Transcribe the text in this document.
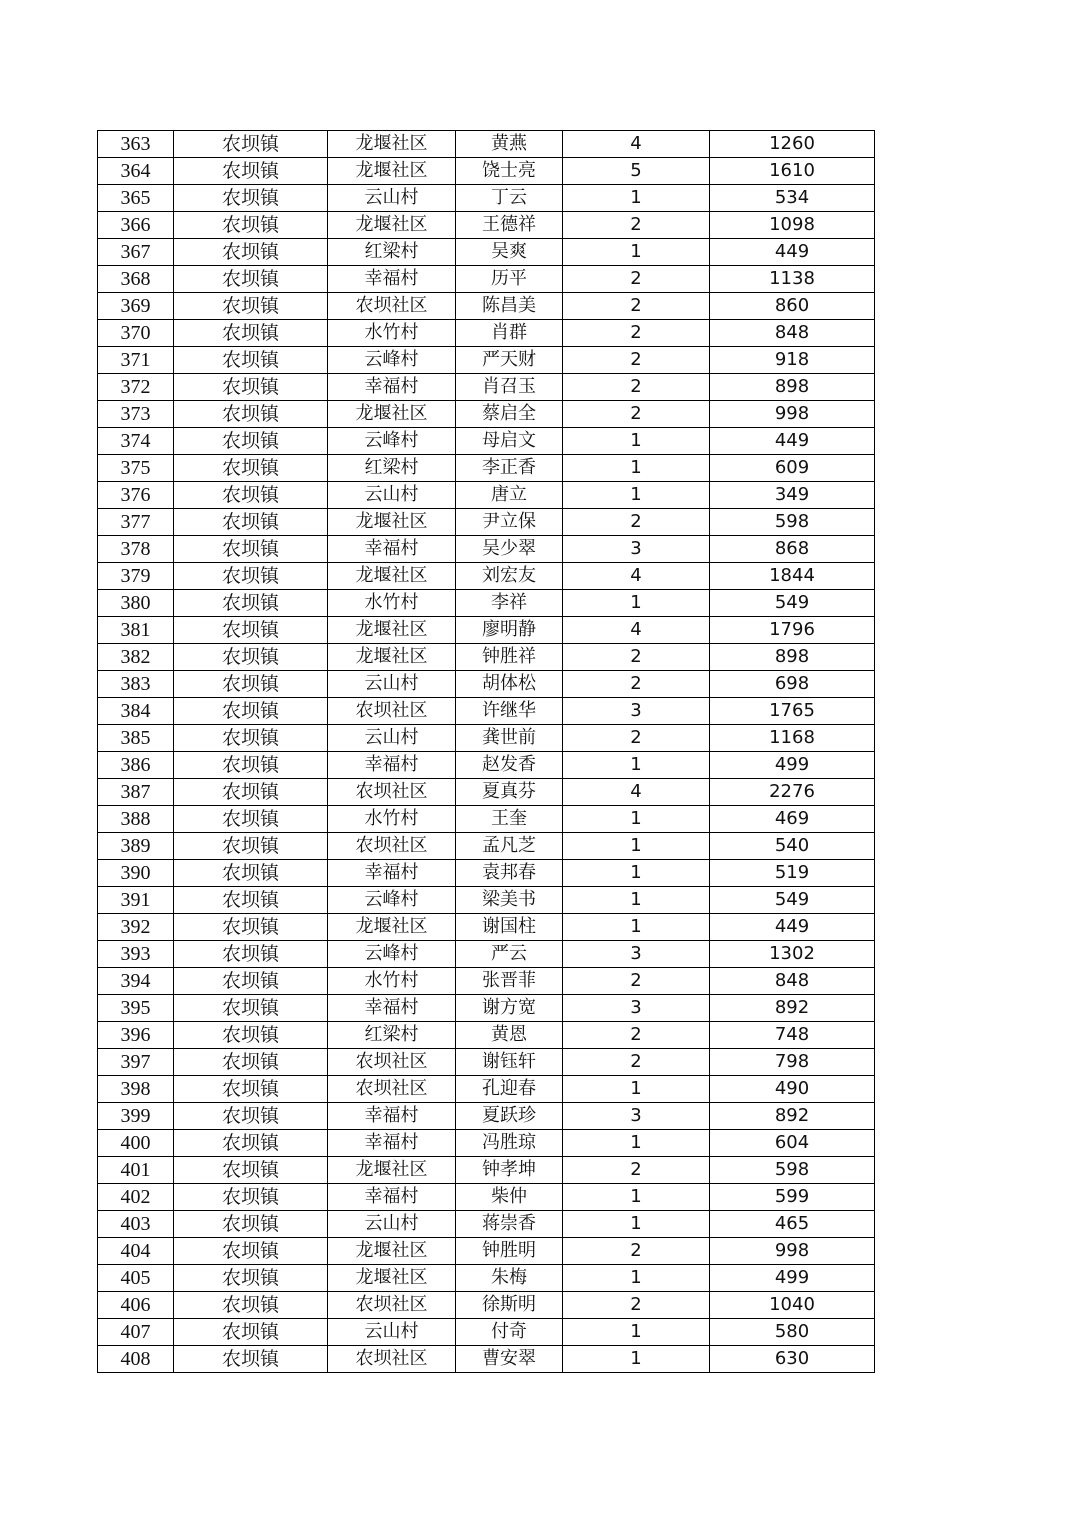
363	农坝镇	龙堰社区	黄燕	4	1260
364	农坝镇	龙堰社区	饶士亮	5	1610
365	农坝镇	云山村	丁云	1	534
366	农坝镇	龙堰社区	王德祥	2	1098
367	农坝镇	红梁村	吴爽	1	449
368	农坝镇	幸福村	历平	2	1138
369	农坝镇	农坝社区	陈昌美	2	860
370	农坝镇	水竹村	肖群	2	848
371	农坝镇	云峰村	严天财	2	918
372	农坝镇	幸福村	肖召玉	2	898
373	农坝镇	龙堰社区	蔡启全	2	998
374	农坝镇	云峰村	母启文	1	449
375	农坝镇	红梁村	李正香	1	609
376	农坝镇	云山村	唐立	1	349
377	农坝镇	龙堰社区	尹立保	2	598
378	农坝镇	幸福村	吴少翠	3	868
379	农坝镇	龙堰社区	刘宏友	4	1844
380	农坝镇	水竹村	李祥	1	549
381	农坝镇	龙堰社区	廖明静	4	1796
382	农坝镇	龙堰社区	钟胜祥	2	898
383	农坝镇	云山村	胡体松	2	698
384	农坝镇	农坝社区	许继华	3	1765
385	农坝镇	云山村	龚世前	2	1168
386	农坝镇	幸福村	赵发香	1	499
387	农坝镇	农坝社区	夏真芬	4	2276
388	农坝镇	水竹村	王奎	1	469
389	农坝镇	农坝社区	孟凡芝	1	540
390	农坝镇	幸福村	袁邦春	1	519
391	农坝镇	云峰村	梁美书	1	549
392	农坝镇	龙堰社区	谢国柱	1	449
393	农坝镇	云峰村	严云	3	1302
394	农坝镇	水竹村	张晋菲	2	848
395	农坝镇	幸福村	谢方宽	3	892
396	农坝镇	红梁村	黄恩	2	748
397	农坝镇	农坝社区	谢钰轩	2	798
398	农坝镇	农坝社区	孔迎春	1	490
399	农坝镇	幸福村	夏跃珍	3	892
400	农坝镇	幸福村	冯胜琼	1	604
401	农坝镇	龙堰社区	钟孝坤	2	598
402	农坝镇	幸福村	柴仲	1	599
403	农坝镇	云山村	蒋崇香	1	465
404	农坝镇	龙堰社区	钟胜明	2	998
405	农坝镇	龙堰社区	朱梅	1	499
406	农坝镇	农坝社区	徐斯明	2	1040
407	农坝镇	云山村	付奇	1	580
408	农坝镇	农坝社区	曹安翠	1	630
